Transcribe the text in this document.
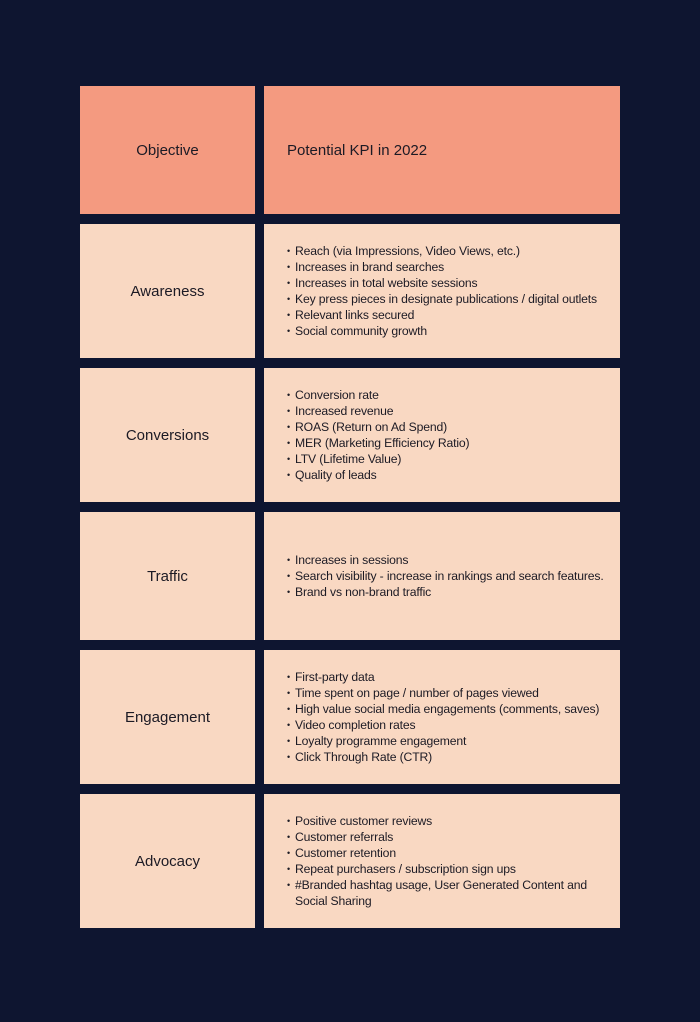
Objective	Potential KPI in 2022
Awareness
• Reach (via Impressions, Video Views, etc.)
• Increases in brand searches
• Increases in total website sessions
• Key press pieces in designate publications / digital outlets
• Relevant links secured
• Social community growth
Conversions
• Conversion rate
• Increased revenue
• ROAS (Return on Ad Spend)
• MER (Marketing Efficiency Ratio)
• LTV (Lifetime Value)
• Quality of leads
Traffic
• Increases in sessions
• Search visibility - increase in rankings and search features.
• Brand vs non-brand traffic
Engagement
• First-party data
• Time spent on page / number of pages viewed
• High value social media engagements (comments, saves)
• Video completion rates
• Loyalty programme engagement
• Click Through Rate (CTR)
Advocacy
• Positive customer reviews
• Customer referrals
• Customer retention
• Repeat purchasers / subscription sign ups
• #Branded hashtag usage, User Generated Content and Social Sharing
